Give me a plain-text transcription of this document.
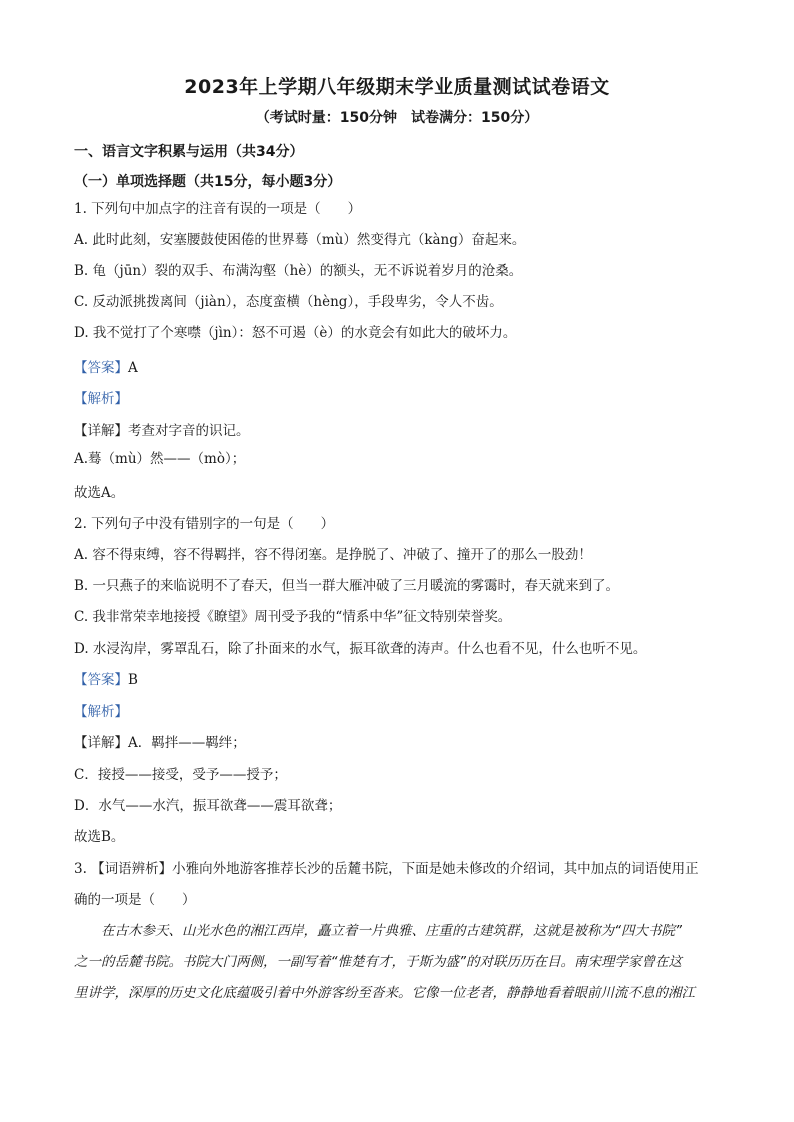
2023年上学期八年级期末学业质量测试试卷语文
（考试时量：150分钟　试卷满分：150分）
一、语言文字积累与运用（共34分）
（一）单项选择题（共15分，每小题3分）
1. 下列句中加点字的注音有误的一项是（　　）
A. 此时此刻，安塞腰鼓使困倦的世界蓦（mù）然变得亢（kàng）奋起来。
B. 龟（jūn）裂的双手、布满沟壑（hè）的额头，无不诉说着岁月的沧桑。
C. 反动派挑拨离间（jiàn），态度蛮横（hèng），手段卑劣，令人不齿。
D. 我不觉打了个寒噤（jìn）：怒不可遏（è）的水竟会有如此大的破坏力。
【答案】A
【解析】
【详解】考查对字音的识记。
A.蓦（mù）然——（mò）；
故选A。
2. 下列句子中没有错别字的一句是（　　）
A. 容不得束缚，容不得羁拌，容不得闭塞。是挣脱了、冲破了、撞开了的那么一股劲！
B. 一只燕子的来临说明不了春天，但当一群大雁冲破了三月暖流的雾霭时，春天就来到了。
C. 我非常荣幸地接授《瞭望》周刊受予我的“情系中华”征文特别荣誉奖。
D. 水浸沟岸，雾罩乱石，除了扑面来的水气，振耳欲聋的涛声。什么也看不见，什么也听不见。
【答案】B
【解析】
【详解】A．羁拌——羁绊；
C．接授——接受，受予——授予；
D．水气——水汽，振耳欲聋——震耳欲聋；
故选B。
3. 【词语辨析】小雅向外地游客推荐长沙的岳麓书院，下面是她未修改的介绍词，其中加点的词语使用正
确的一项是（　　）
　　在古木参天、山光水色的湘江西岸，矗立着一片典雅、庄重的古建筑群，这就是被称为“四大书院”
之一的岳麓书院。书院大门两侧，一副写着“惟楚有才，于斯为盛”的对联历历在目。南宋理学家曾在这
里讲学，深厚的历史文化底蕴吸引着中外游客纷至沓来。它像一位老者，静静地看着眼前川流不息的湘江
